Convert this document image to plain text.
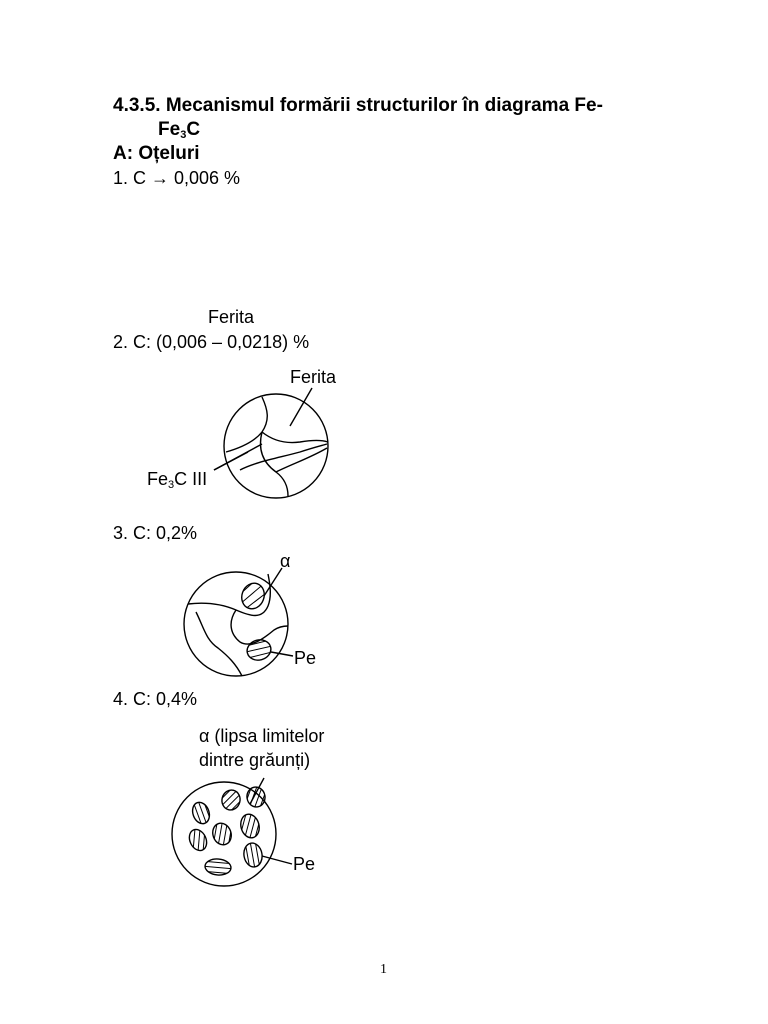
4.3.5. Mecanismul formării structurilor în diagrama Fe-
$Fe_3C$
A: Oțeluri
1. C → 0,006 %
Ferita
2. C: (0,006 – 0,0218) %
Ferita
$Fe_3C$ III
3. C: 0,2%
α
Pe
4. C: 0,4%
α (lipsa limitelor
dintre grăunți)
Pe
1
